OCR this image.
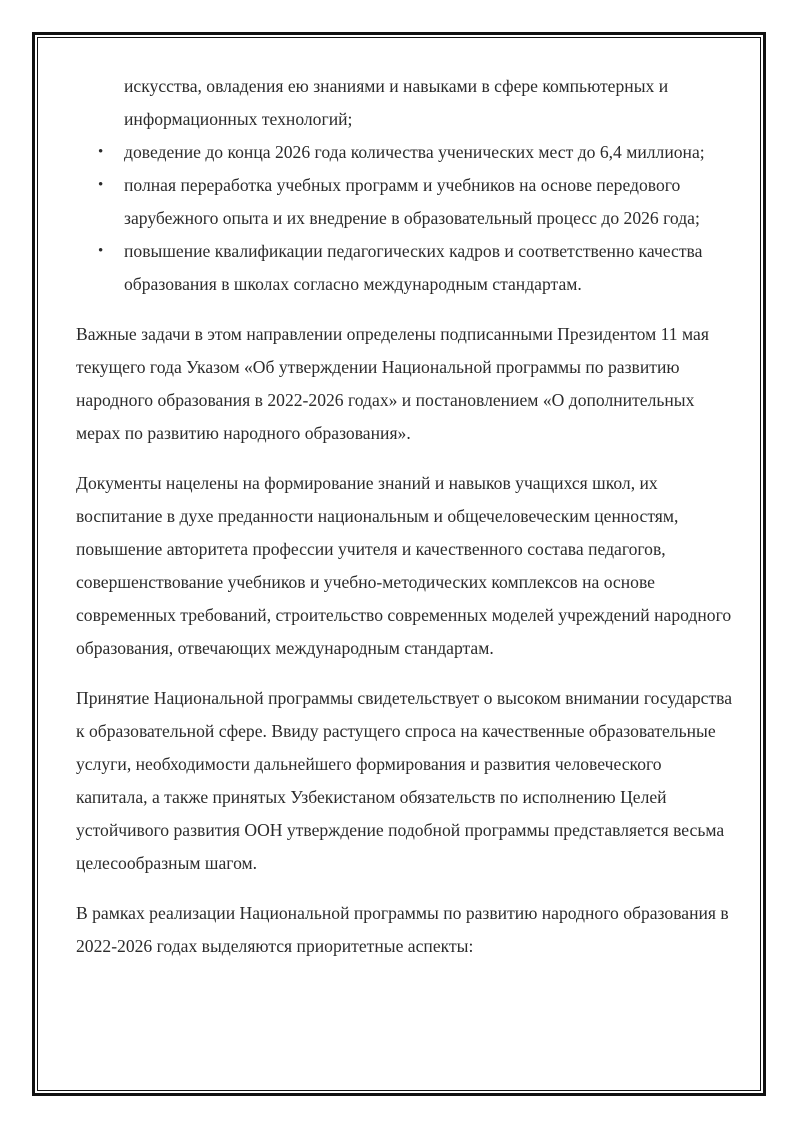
искусства, овладения ею знаниями и навыками в сфере компьютерных и информационных технологий;
• доведение до конца 2026 года количества ученических мест до 6,4 миллиона;
• полная переработка учебных программ и учебников на основе передового зарубежного опыта и их внедрение в образовательный процесс до 2026 года;
• повышение квалификации педагогических кадров и соответственно качества образования в школах согласно международным стандартам.

Важные задачи в этом направлении определены подписанными Президентом 11 мая текущего года Указом «Об утверждении Национальной программы по развитию народного образования в 2022-2026 годах» и постановлением «О дополнительных мерах по развитию народного образования».

Документы нацелены на формирование знаний и навыков учащихся школ, их воспитание в духе преданности национальным и общечеловеческим ценностям, повышение авторитета профессии учителя и качественного состава педагогов, совершенствование учебников и учебно-методических комплексов на основе современных требований, строительство современных моделей учреждений народного образования, отвечающих международным стандартам.

Принятие Национальной программы свидетельствует о высоком внимании государства к образовательной сфере. Ввиду растущего спроса на качественные образовательные услуги, необходимости дальнейшего формирования и развития человеческого капитала, а также принятых Узбекистаном обязательств по исполнению Целей устойчивого развития ООН утверждение подобной программы представляется весьма целесообразным шагом.

В рамках реализации Национальной программы по развитию народного образования в 2022-2026 годах выделяются приоритетные аспекты:
